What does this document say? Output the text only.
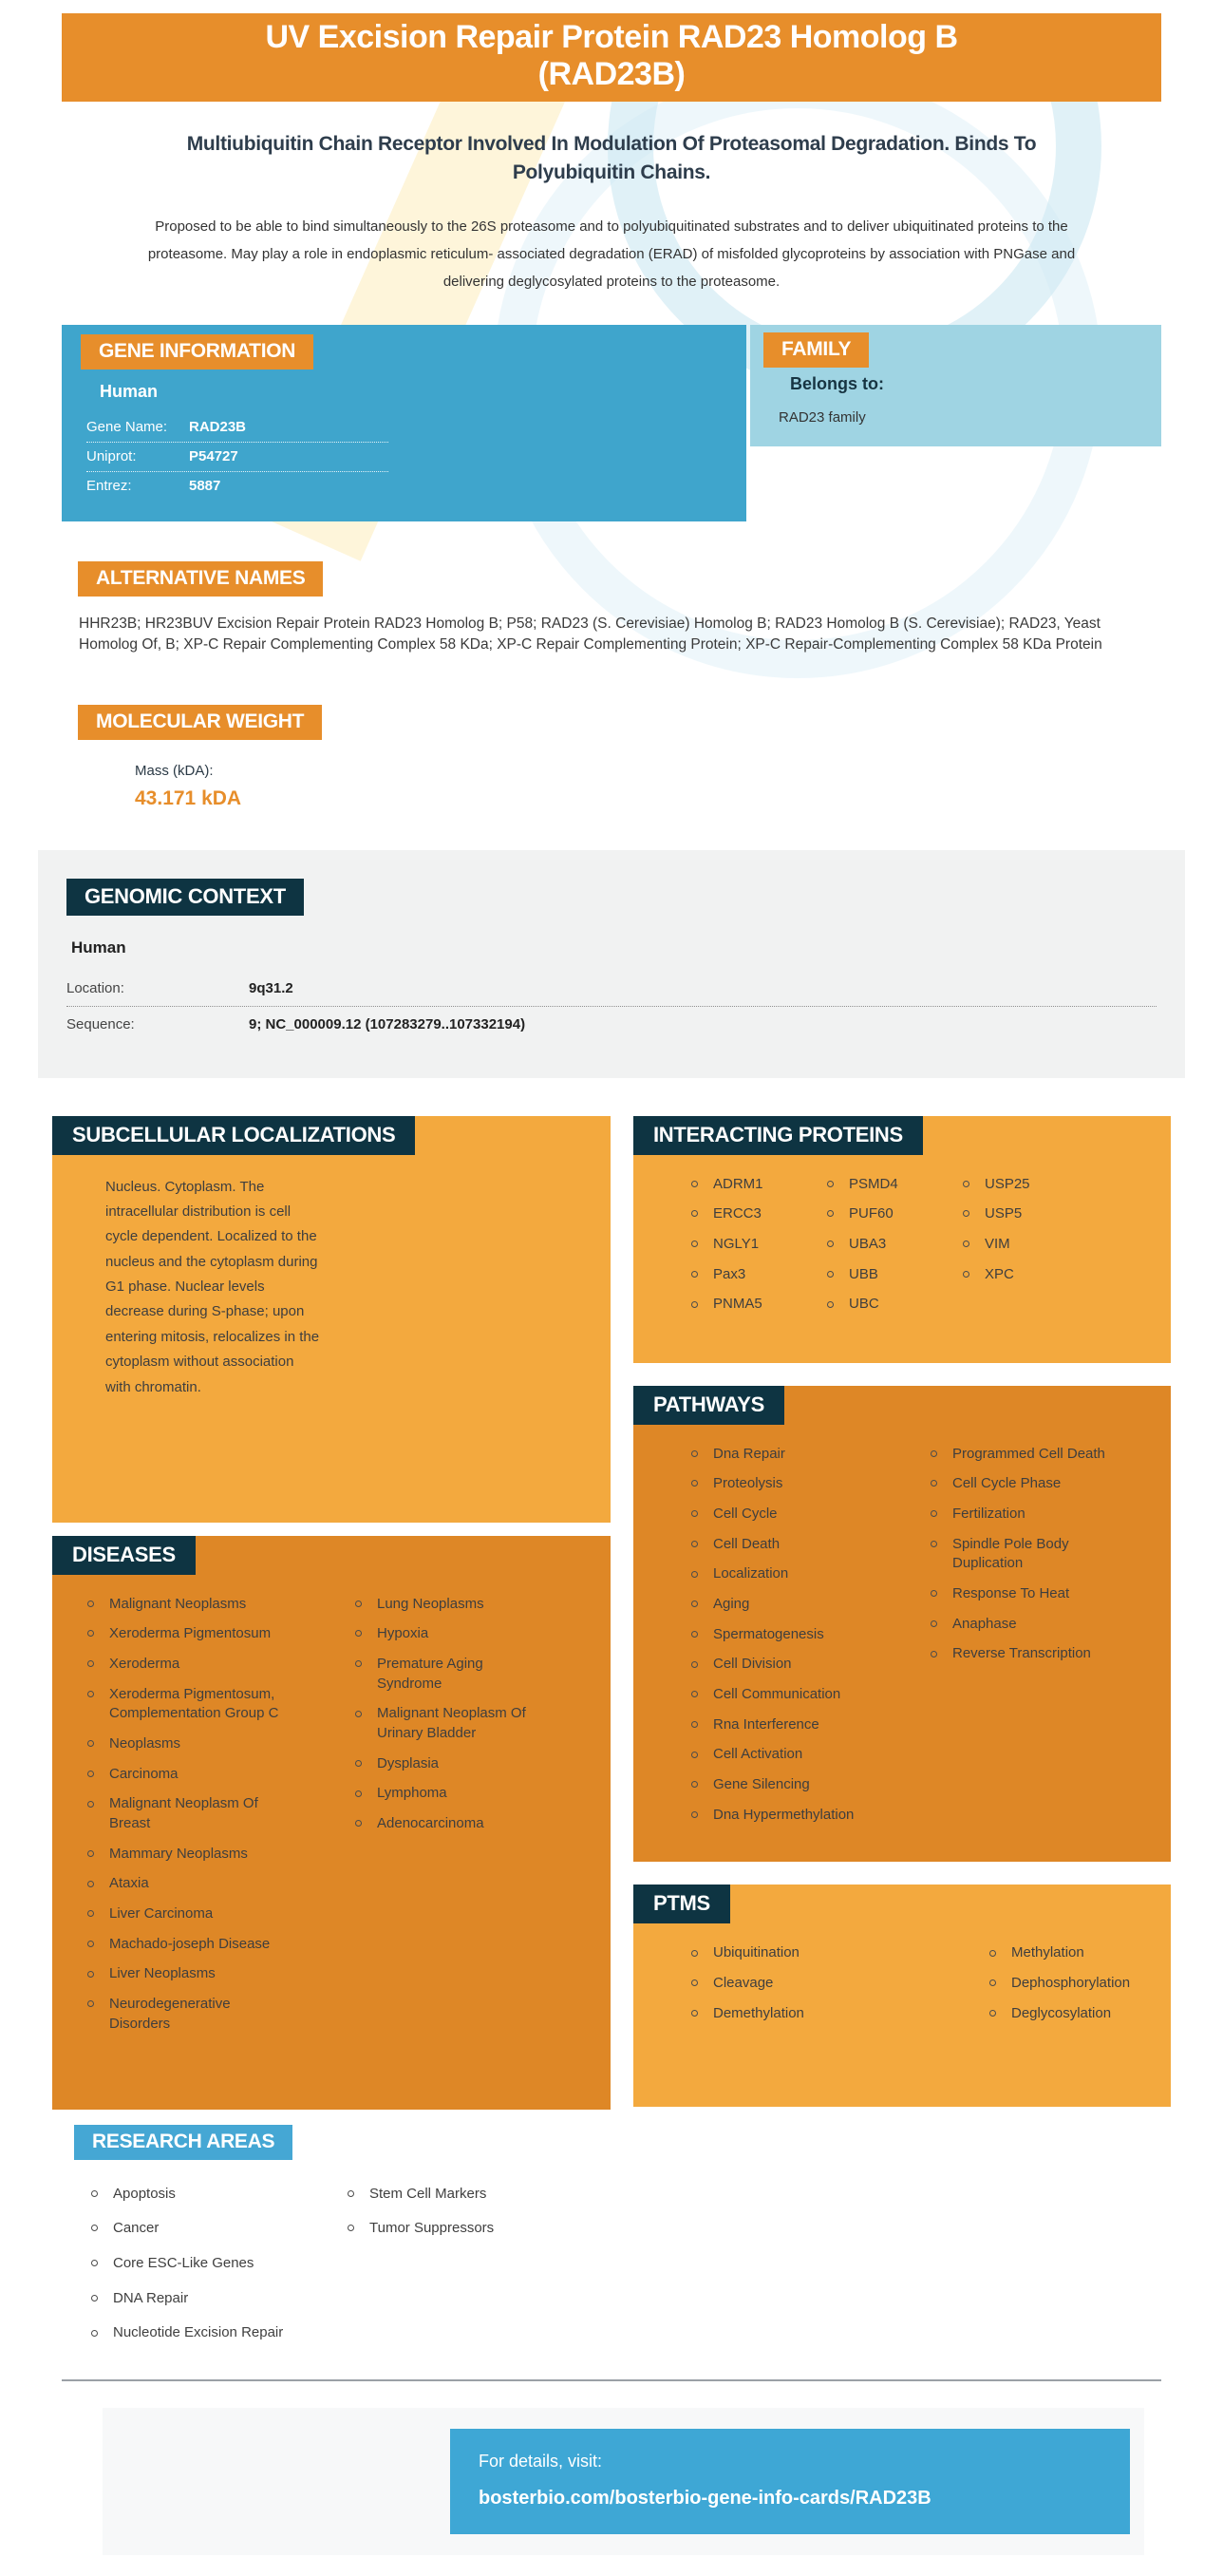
UV Excision Repair Protein RAD23 Homolog B (RAD23B)
Multiubiquitin Chain Receptor Involved In Modulation Of Proteasomal Degradation. Binds To Polyubiquitin Chains.

Proposed to be able to bind simultaneously to the 26S proteasome and to polyubiquitinated substrates and to deliver ubiquitinated proteins to the proteasome. May play a role in endoplasmic reticulum- associated degradation (ERAD) of misfolded glycoproteins by association with PNGase and delivering deglycosylated proteins to the proteasome.

GENE INFORMATION
Human
Gene Name:	RAD23B
Uniprot:	P54727
Entrez:	5887
FAMILY
Belongs to:
RAD23 family
ALTERNATIVE NAMES

HHR23B; HR23BUV Excision Repair Protein RAD23 Homolog B; P58; RAD23 (S. Cerevisiae) Homolog B; RAD23 Homolog B (S. Cerevisiae); RAD23, Yeast Homolog Of, B; XP-C Repair Complementing Complex 58 KDa; XP-C Repair Complementing Protein; XP-C Repair-Complementing Complex 58 KDa Protein

MOLECULAR WEIGHT
Mass (kDA):
43.171 kDA
GENOMIC CONTEXT
Human
Location:	9q31.2
Sequence:	9; NC_000009.12 (107283279..107332194)
SUBCELLULAR LOCALIZATIONS

Nucleus. Cytoplasm. The intracellular distribution is cell cycle dependent. Localized to the nucleus and the cytoplasm during G1 phase. Nuclear levels decrease during S-phase; upon entering mitosis, relocalizes in the cytoplasm without association with chromatin.

DISEASES
Malignant Neoplasms
Xeroderma Pigmentosum
Xeroderma
Xeroderma Pigmentosum, Complementation Group C
Neoplasms
Carcinoma
Malignant Neoplasm Of Breast
Mammary Neoplasms
Ataxia
Liver Carcinoma
Machado-joseph Disease
Liver Neoplasms
Neurodegenerative Disorders
Lung Neoplasms
Hypoxia
Premature Aging Syndrome
Malignant Neoplasm Of Urinary Bladder
Dysplasia
Lymphoma
Adenocarcinoma
INTERACTING PROTEINS
ADRM1
ERCC3
NGLY1
Pax3
PNMA5
PSMD4
PUF60
UBA3
UBB
UBC
USP25
USP5
VIM
XPC
PATHWAYS
Dna Repair
Proteolysis
Cell Cycle
Cell Death
Localization
Aging
Spermatogenesis
Cell Division
Cell Communication
Rna Interference
Cell Activation
Gene Silencing
Dna Hypermethylation
Programmed Cell Death
Cell Cycle Phase
Fertilization
Spindle Pole Body Duplication
Response To Heat
Anaphase
Reverse Transcription
PTMS
Ubiquitination
Cleavage
Demethylation
Methylation
Dephosphorylation
Deglycosylation
RESEARCH AREAS
Apoptosis
Cancer
Core ESC-Like Genes
DNA Repair
Nucleotide Excision Repair
Stem Cell Markers
Tumor Suppressors
For details, visit:
bosterbio.com/bosterbio-gene-info-cards/RAD23B
